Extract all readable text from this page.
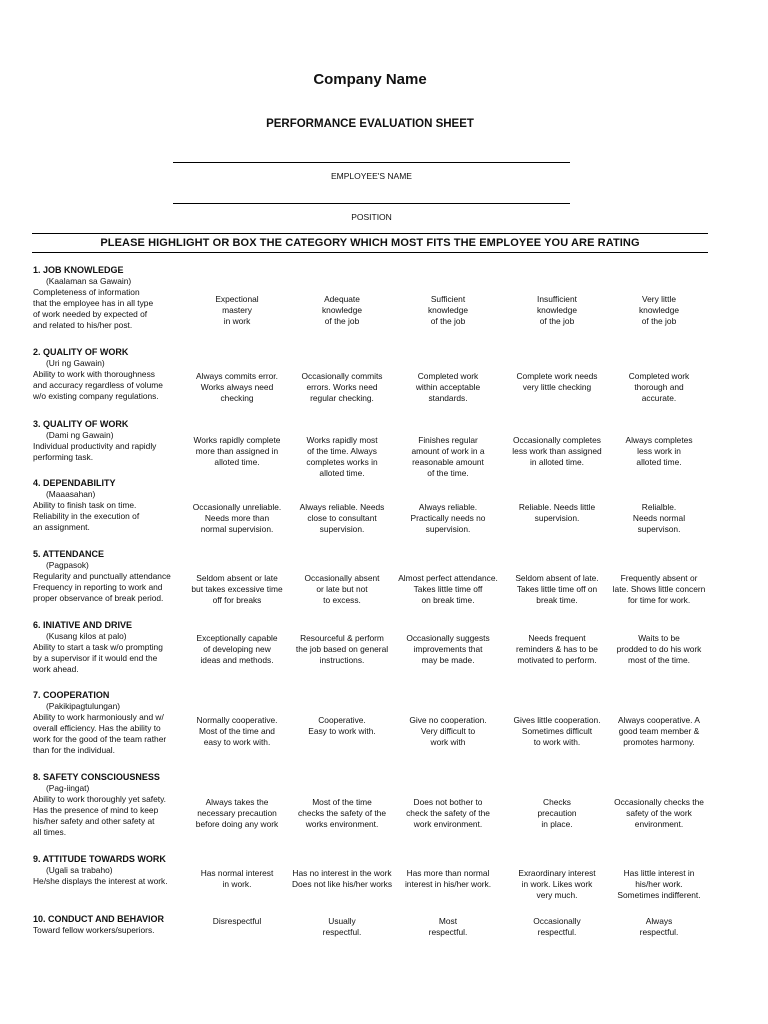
Company Name
PERFORMANCE EVALUATION SHEET
EMPLOYEE'S NAME
POSITION
PLEASE HIGHLIGHT OR BOX THE CATEGORY WHICH MOST FITS THE EMPLOYEE YOU ARE RATING
1. JOB KNOWLEDGE
(Kaalaman sa Gawain)
Completeness of information
that the employee has in all type
of work needed by expected of
and related to his/her post.
Expectional
mastery
in work
Adequate
knowledge
of the job
Sufficient
knowledge
of the job
Insufficient
knowledge
of the job
Very little
knowledge
of the job
2. QUALITY OF WORK
(Uri ng Gawain)
Ability to work with thoroughness
and accuracy regardless of volume
w/o existing company regulations.
Always commits error.
Works always need
checking
Occasionally commits
errors. Works need
regular checking.
Completed work
within acceptable
standards.
Complete work needs
very little checking
Completed work
thorough and
accurate.
3. QUALITY OF WORK
(Dami ng Gawain)
Individual productivity and rapidly
performing task.
Works rapidly complete
more than assigned in
alloted time.
Works rapidly most
of the time. Always
completes works in
alloted time.
Finishes regular
amount of work in a
reasonable amount
of the time.
Occasionally completes
less work than assigned
in alloted time.
Always completes
less work in
alloted time.
4. DEPENDABILITY
(Maaasahan)
Ability to finish task on time.
Reliability in the execution of
an assignment.
Occasionally unreliable.
Needs more than
normal supervision.
Always reliable. Needs
close to consultant
supervision.
Always reliable.
Practically needs no
supervision.
Reliable. Needs little
supervision.
Relialble.
Needs normal
supervison.
5. ATTENDANCE
(Pagpasok)
Regularity and punctually attendance
Frequency in reporting to work and
proper observance of break period.
Seldom absent or late
but takes excessive time
off for breaks
Occasionally absent
or late but not
to excess.
Almost perfect attendance.
Takes little time off
on break time.
Seldom absent of late.
Takes little time off on
break time.
Frequently absent or
late. Shows little concern
for time for work.
6. INIATIVE AND DRIVE
(Kusang kilos at palo)
Ability to start a task w/o prompting
by a supervisor if it would end the
work ahead.
Exceptionally capable
of developing new
ideas and methods.
Resourceful & perform
the job based on general
instructions.
Occasionally suggests
improvements that
may be made.
Needs frequent
reminders & has to be
motivated to perform.
Waits to be
prodded to do his work
most of the time.
7. COOPERATION
(Pakikipagtulungan)
Ability to work harmoniously and w/
overall efficiency. Has the ability to
work for the good of the team rather
than for the individual.
Normally cooperative.
Most of the time and
easy to work with.
Cooperative.
Easy to work with.
Give no cooperation.
Very difficult to
work with
Gives little cooperation.
Sometimes difficult
to work with.
Always cooperative. A
good team member &
promotes harmony.
8. SAFETY CONSCIOUSNESS
(Pag-iingat)
Ability to work thoroughly yet safety.
Has the presence of mind to keep
his/her safety and other safety at
all times.
Always takes the
necessary precaution
before doing any work
Most of the time
checks the safety of the
works environment.
Does not bother to
check the safety of the
work environment.
Checks
precaution
in place.
Occasionally checks the
safety of the work
environment.
9. ATTITUDE TOWARDS WORK
(Ugali sa trabaho)
He/she displays the interest at work.
Has normal interest
in work.
Has no interest in the work
Does not like his/her works
Has more than normal
interest in his/her work.
Exraordinary interest
in work. Likes work
very much.
Has little interest in
his/her work.
Sometimes indifferent.
10. CONDUCT AND BEHAVIOR
Toward fellow workers/superiors.
Disrespectful	Usually
respectful.
Most
respectful.
Occasionally
respectful.
Always
respectful.
